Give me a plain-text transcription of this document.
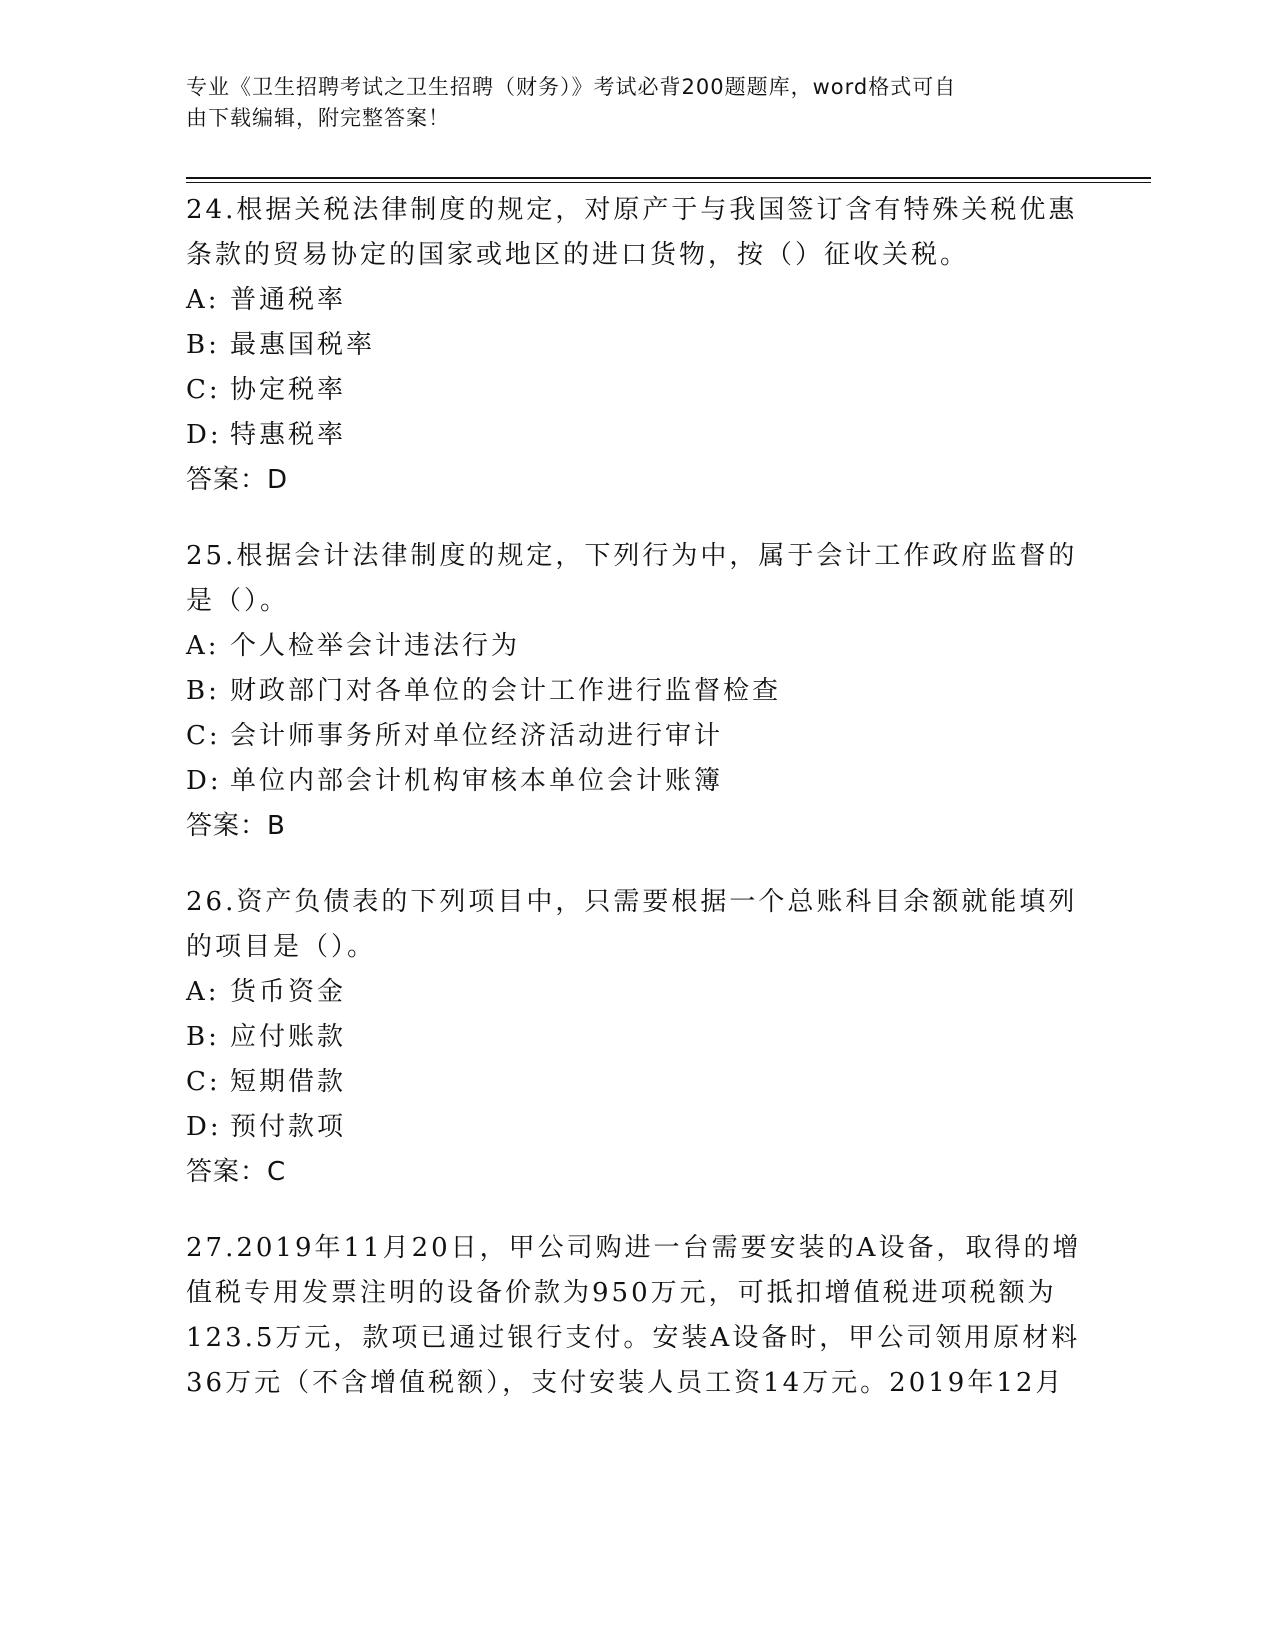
专业《卫生招聘考试之卫生招聘（财务）》考试必背200题题库，word格式可自
由下载编辑，附完整答案！

24.根据关税法律制度的规定，对原产于与我国签订含有特殊关税优惠

条款的贸易协定的国家或地区的进口货物，按（）征收关税。

A: 普通税率

B: 最惠国税率

C: 协定税率

D: 特惠税率

答案：D

25.根据会计法律制度的规定，下列行为中，属于会计工作政府监督的

是（）。

A: 个人检举会计违法行为

B: 财政部门对各单位的会计工作进行监督检查

C: 会计师事务所对单位经济活动进行审计

D: 单位内部会计机构审核本单位会计账簿

答案：B

26.资产负债表的下列项目中，只需要根据一个总账科目余额就能填列

的项目是（）。

A: 货币资金

B: 应付账款

C: 短期借款

D: 预付款项

答案：C

27.2019年11月20日，甲公司购进一台需要安装的A设备，取得的增

值税专用发票注明的设备价款为950万元，可抵扣增值税进项税额为

123.5万元，款项已通过银行支付。安装A设备时，甲公司领用原材料

36万元（不含增值税额），支付安装人员工资14万元。2019年12月
